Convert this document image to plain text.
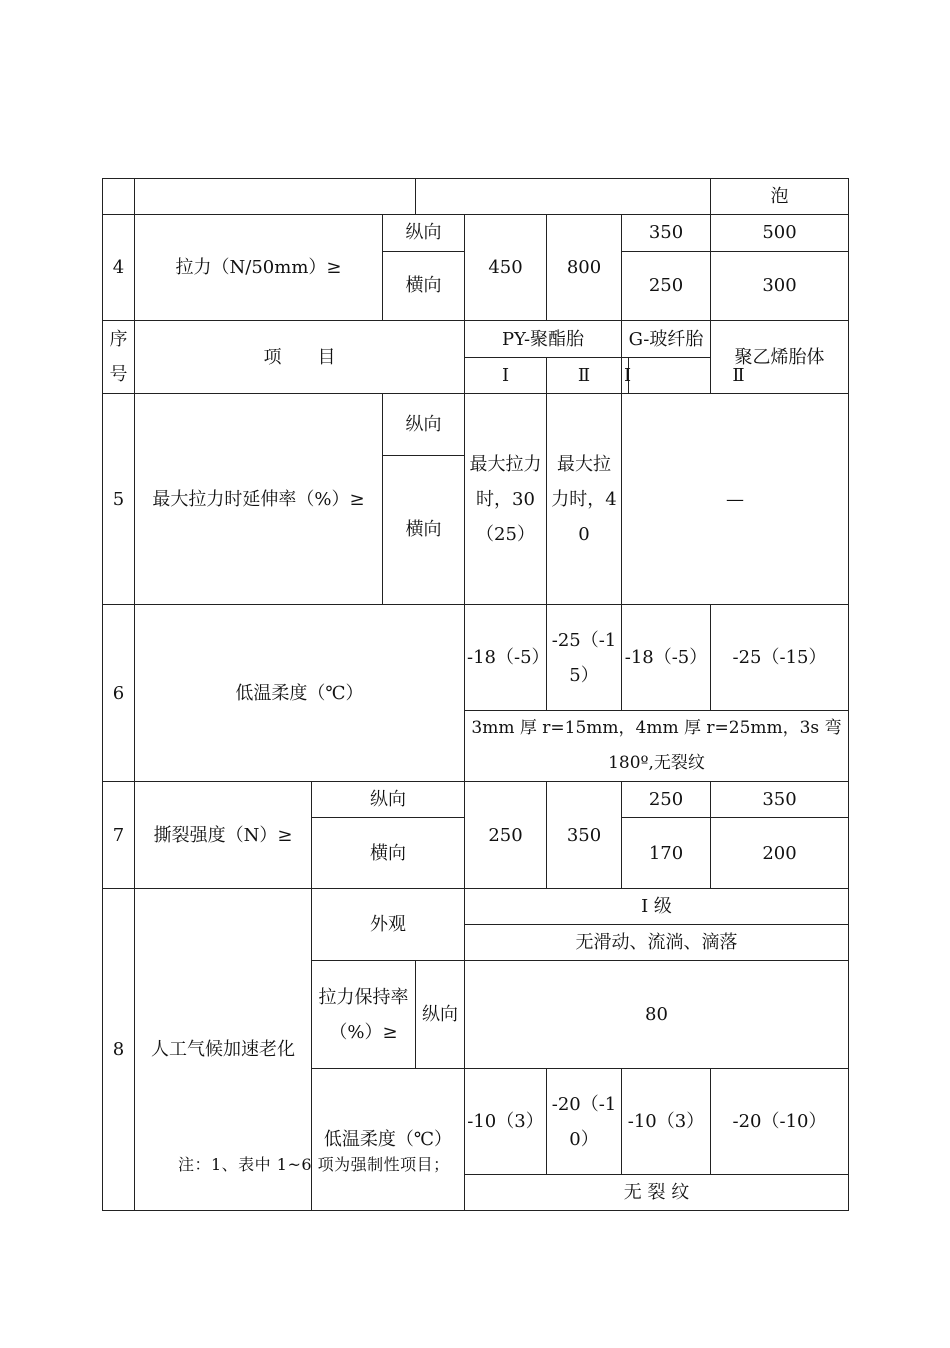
									泡	
4	拉力（N/50mm）≥		纵向		450	800	350		500	
			横向				250		300	
序号	项　　目				PY-聚酯胎		G-玻纤胎		聚乙烯胎体	
					Ⅰ	Ⅱ	Ⅰ	Ⅱ		
5	最大拉力时延伸率（%）≥		纵向		最大拉力时，30（25）	最大拉力时，40	—	
			横向							
6	低温柔度（℃）				-18（-5）	-25（-15）	-18（-5）		-25（-15）	
					3mm 厚 r=15mm，4mm 厚 r=25mm，3s 弯 180º,无裂纹					
7	撕裂强度（N）≥	纵向			250	350	250		350	
		横向					170		200	
8	人工气候加速老化	外观			Ⅰ 级					
					无滑动、流淌、滴落					
		拉力保持率（%）≥		纵向	80					
		低温柔度（℃）			-10（3）	-20（-10）	-10（3）		-20（-10）	
					无 裂 纹					
注：1、表中 1~6 项为强制性项目；
